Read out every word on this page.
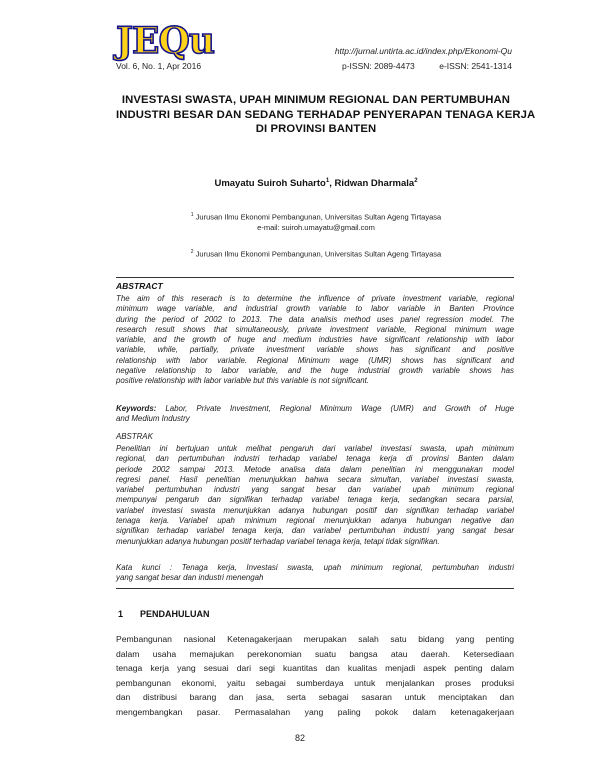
JEQu
Vol. 6, No. 1, Apr 2016
http://jurnal.untirta.ac.id/index.php/Ekonomi-Qu
p-ISSN: 2089-4473	e-ISSN: 2541-1314
INVESTASI SWASTA, UPAH MINIMUM REGIONAL DAN PERTUMBUHAN
INDUSTRI BESAR DAN SEDANG TERHADAP PENYERAPAN TENAGA KERJA
DI PROVINSI BANTEN
Umayatu Suiroh Suharto$^1$, Ridwan Dharmala$^2$
$^1$ Jurusan Ilmu Ekonomi Pembangunan, Universitas Sultan Ageng Tirtayasa
e-mail: suiroh.umayatu@gmail.com
$^2$ Jurusan Ilmu Ekonomi Pembangunan, Universitas Sultan Ageng Tirtayasa
ABSTRACT
The aim of this reserach is to determine the influence of private investment variable, regional
minimum wage variable, and industrial growth variable to labor variable in Banten Province
during the period of 2002 to 2013. The data analisis method uses panel regression model. The
research result shows that simultaneously, private investment variable, Regional minimum wage
variable, and the growth of huge and medium industries have significant relationship with labor
variable, while, partially, private investment variable shows has significant and positive
relationship with labor variable. Regional Minimum wage (UMR) shows has significant and
negative relationship to labor variable, and the huge industrial growth variable shows has
positive relationship with labor variable but this variable is not significant.
Keywords: Labor, Private Investment, Regional Minimum Wage (UMR) and Growth of Huge
and Medium Industry
ABSTRAK
Penelitian ini bertujuan untuk melihat pengaruh dari variabel investasi swasta, upah minimum
regional, dan pertumbuhan industri terhadap variabel tenaga kerja di provinsi Banten dalam
periode 2002 sampai 2013. Metode analisa data dalam penelitian ini menggunakan model
regresi panel. Hasil penelitian menunjukkan bahwa secara simultan, variabel investasi swasta,
variabel pertumbuhan industri yang sangat besar dan variabel upah minimum regional
mempunyai pengaruh dan signifikan terhadap variabel tenaga kerja, sedangkan secara parsial,
variabel investasi swasta menunjukkan adanya hubungan positif dan signifikan terhadap variabel
tenaga kerja. Variabel upah minimum regional menunjukkan adanya hubungan negative dan
signifikan terhadap variabel tenaga kerja, dan variabel pertumbuhan industri yang sangat besar
menunjukkan adanya hubungan positif terhadap variabel tenaga kerja, tetapi tidak signifikan.
Kata kunci : Tenaga kerja, Investasi swasta, upah minimum regional, pertumbuhan industri
yang sangat besar dan industri menengah
1 PENDAHULUAN
Pembangunan nasional Ketenagakerjaan merupakan salah satu bidang yang penting
dalam usaha memajukan perekonomian suatu bangsa atau daerah. Ketersediaan
tenaga kerja yang sesuai dari segi kuantitas dan kualitas menjadi aspek penting dalam
pembangunan ekonomi, yaitu sebagai sumberdaya untuk menjalankan proses produksi
dan distribusi barang dan jasa, serta sebagai sasaran untuk menciptakan dan
mengembangkan pasar. Permasalahan yang paling pokok dalam ketenagakerjaan
82
